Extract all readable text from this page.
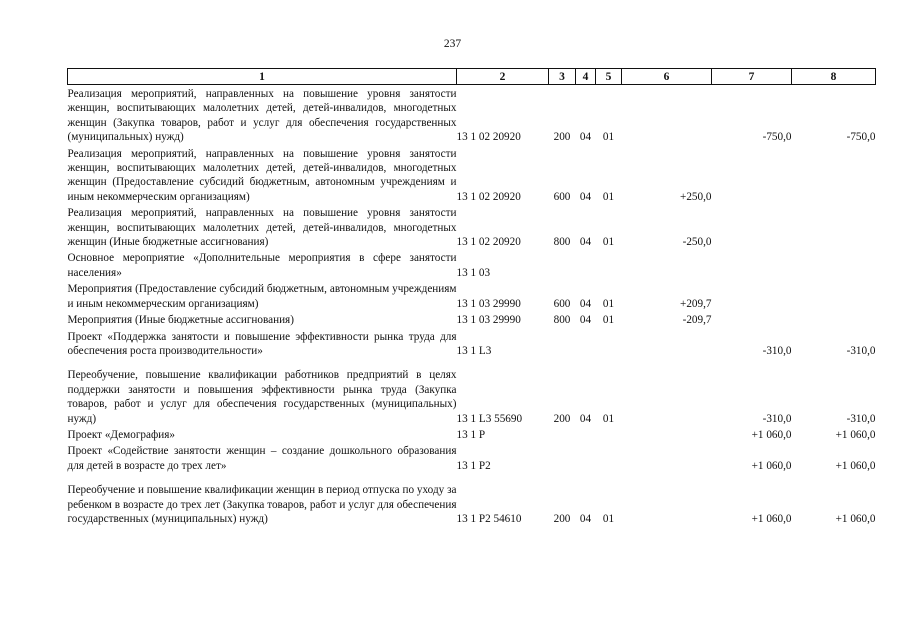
237
1	2	3	4	5	6	7	8

Реализация мероприятий, направленных на повышение уровня занятости женщин, воспитывающих малолетних детей, детей-инвалидов, многодетных женщин (Закупка товаров, работ и услуг для обеспечения государственных (муниципальных) нужд)	13 1 02 20920	200	04	01		-750,0	-750,0

Реализация мероприятий, направленных на повышение уровня занятости женщин, воспитывающих малолетних детей, детей-инвалидов, многодетных женщин (Предоставление субсидий бюджетным, автономным учреждениям и иным некоммерческим организациям)	13 1 02 20920	600	04	01	+250,0		

Реализация мероприятий, направленных на повышение уровня занятости женщин, воспитывающих малолетних детей, детей-инвалидов, многодетных женщин (Иные бюджетные ассигнования)	13 1 02 20920	800	04	01	-250,0		

Основное мероприятие «Дополнительные мероприятия в сфере занятости населения»	13 1 03						

Мероприятия (Предоставление субсидий бюджетным, автономным учреждениям и иным некоммерческим организациям)	13 1 03 29990	600	04	01	+209,7		

Мероприятия (Иные бюджетные ассигнования)	13 1 03 29990	800	04	01	-209,7		

Проект «Поддержка занятости и повышение эффективности рынка труда для обеспечения роста производительности»	13 1 L3					-310,0	-310,0

Переобучение, повышение квалификации работников предприятий в целях поддержки занятости и повышения эффективности рынка труда (Закупка товаров, работ и услуг для обеспечения государственных (муниципальных) нужд)	13 1 L3 55690	200	04	01		-310,0	-310,0

Проект «Демография»	13 1 P					+1 060,0	+1 060,0

Проект «Содействие занятости женщин – создание дошкольного образования для детей в возрасте до трех лет»	13 1 P2					+1 060,0	+1 060,0

Переобучение и повышение квалификации женщин в период отпуска по уходу за ребенком в возрасте до трех лет (Закупка товаров, работ и услуг для обеспечения государственных (муниципальных) нужд)	13 1 P2 54610	200	04	01		+1 060,0	+1 060,0
